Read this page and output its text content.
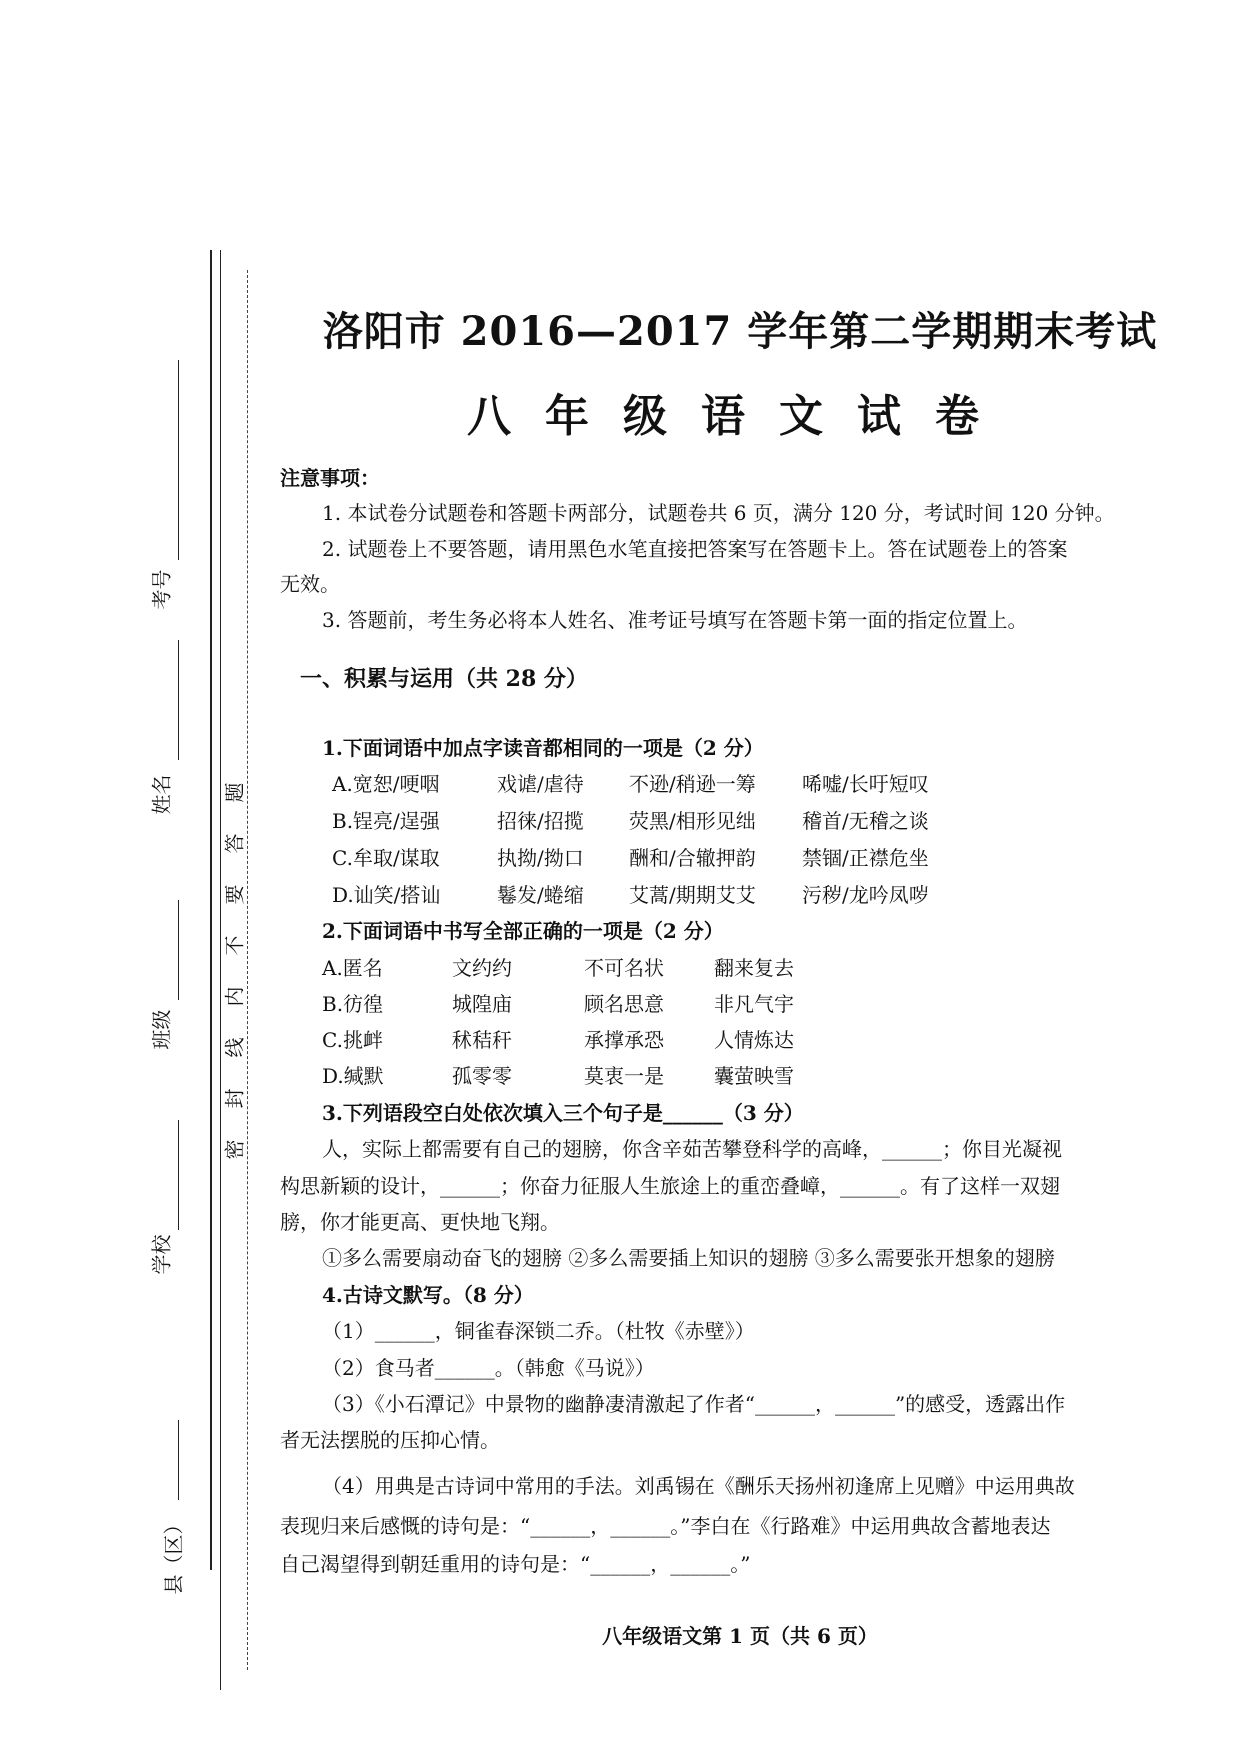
题
答
要
不
内
线
封
密
考号
姓名
班级
学校
县（区）
洛阳市 2016—2017 学年第二学期期末考试
八年级语文试卷
注意事项：
1. 本试卷分试题卷和答题卡两部分，试题卷共 6 页，满分 120 分，考试时间 120 分钟。
2. 试题卷上不要答题，请用黑色水笔直接把答案写在答题卡上。答在试题卷上的答案
无效。
3. 答题前，考生务必将本人姓名、准考证号填写在答题卡第一面的指定位置上。
一、积累与运用（共 28 分）
1.下面词语中加点字读音都相同的一项是（2 分）
A.宽恕/哽咽	戏谑/虐待 不逊/稍逊一筹 唏嘘/长吁短叹
B.锃亮/逞强	招徕/招揽 荧黑/相形见绌 稽首/无稽之谈
C.牟取/谋取	执拗/拗口 酬和/合辙押韵 禁锢/正襟危坐
D.讪笑/搭讪	鬈发/蜷缩 艾蒿/期期艾艾 污秽/龙吟凤哕
2.下面词语中书写全部正确的一项是（2 分）
A.匿名	文约约	不可名状	翻来复去
B.彷徨	城隍庙	顾名思意	非凡气宇
C.挑衅	秫秸秆	承撑承恐	人情炼达
D.缄默	孤零零	莫衷一是	囊萤映雪
3.下列语段空白处依次填入三个句子是______（3 分）
人，实际上都需要有自己的翅膀，你含辛茹苦攀登科学的高峰，______；你目光凝视
构思新颖的设计，______；你奋力征服人生旅途上的重峦叠嶂，______。有了这样一双翅
膀，你才能更高、更快地飞翔。
①多么需要扇动奋飞的翅膀 ②多么需要插上知识的翅膀 ③多么需要张开想象的翅膀
4.古诗文默写。（8 分）
（1）______，铜雀春深锁二乔。（杜牧《赤壁》）
（2）食马者______。（韩愈《马说》）
（3）《小石潭记》中景物的幽静凄清激起了作者“______，______”的感受，透露出作
者无法摆脱的压抑心情。
（4）用典是古诗词中常用的手法。刘禹锡在《酬乐天扬州初逢席上见赠》中运用典故
表现归来后感慨的诗句是：“______，______。”李白在《行路难》中运用典故含蓄地表达
自己渴望得到朝廷重用的诗句是：“______，______。”
八年级语文第 1 页（共 6 页）
